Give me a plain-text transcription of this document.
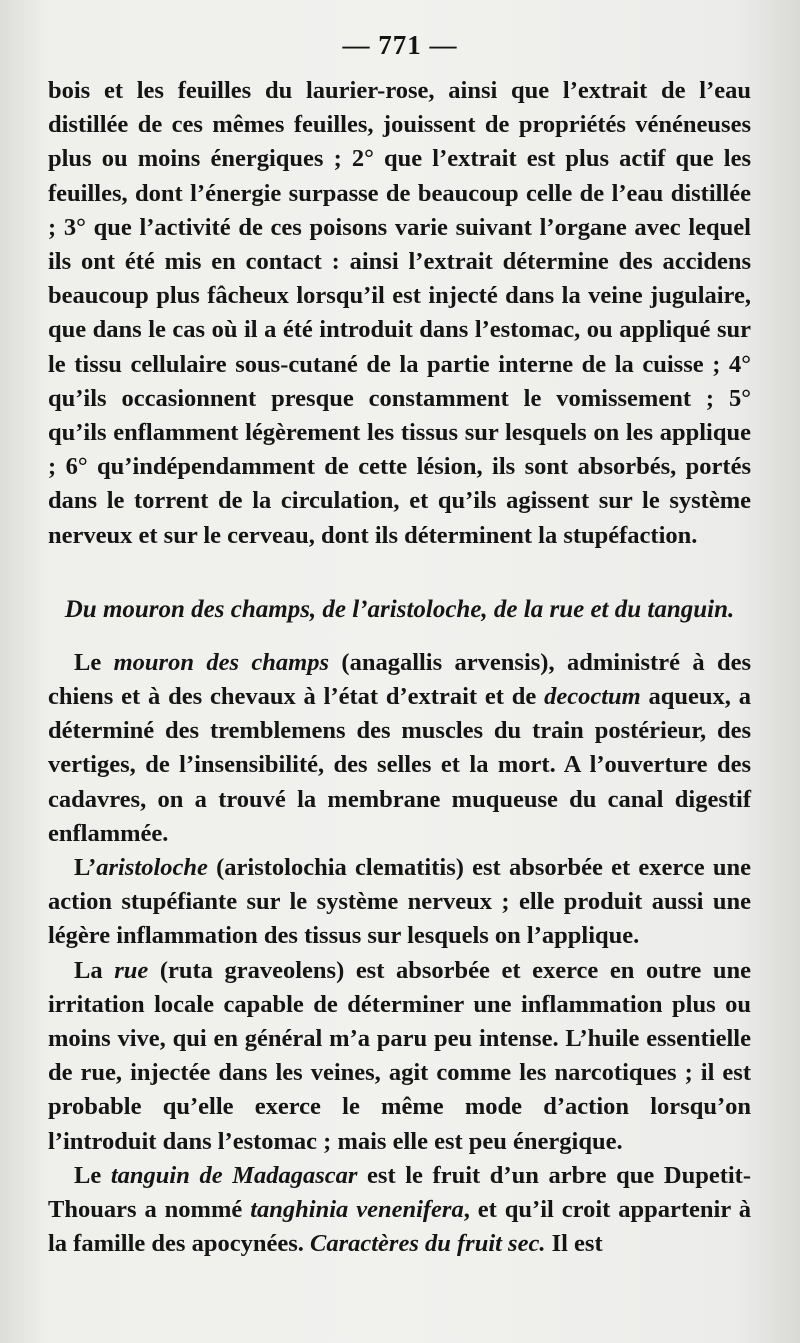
— 771 —

bois et les feuilles du laurier-rose, ainsi que l’extrait de l’eau distillée de ces mêmes feuilles, jouissent de propriétés vénéneuses plus ou moins énergiques ; 2° que l’extrait est plus actif que les feuilles, dont l’énergie surpasse de beaucoup celle de l’eau distillée ; 3° que l’activité de ces poisons varie suivant l’organe avec lequel ils ont été mis en contact : ainsi l’extrait détermine des accidens beaucoup plus fâcheux lorsqu’il est injecté dans la veine jugulaire, que dans le cas où il a été introduit dans l’estomac, ou appliqué sur le tissu cellulaire sous-cutané de la partie interne de la cuisse ; 4° qu’ils occasionnent presque constamment le vomissement ; 5° qu’ils enflamment légèrement les tissus sur lesquels on les applique ; 6° qu’indépendamment de cette lésion, ils sont absorbés, portés dans le torrent de la circulation, et qu’ils agissent sur le système nerveux et sur le cerveau, dont ils déterminent la stupéfaction.

Du mouron des champs, de l’aristoloche, de la rue et du tanguin.

Le mouron des champs (anagallis arvensis), administré à des chiens et à des chevaux à l’état d’extrait et de decoctum aqueux, a déterminé des tremblemens des muscles du train postérieur, des vertiges, de l’insensibilité, des selles et la mort. A l’ouverture des cadavres, on a trouvé la membrane muqueuse du canal digestif enflammée.

L’aristoloche (aristolochia clematitis) est absorbée et exerce une action stupéfiante sur le système nerveux ; elle produit aussi une légère inflammation des tissus sur lesquels on l’applique.

La rue (ruta graveolens) est absorbée et exerce en outre une irritation locale capable de déterminer une inflammation plus ou moins vive, qui en général m’a paru peu intense. L’huile essentielle de rue, injectée dans les veines, agit comme les narcotiques ; il est probable qu’elle exerce le même mode d’action lorsqu’on l’introduit dans l’estomac ; mais elle est peu énergique.

Le tanguin de Madagascar est le fruit d’un arbre que Dupetit-Thouars a nommé tanghinia venenifera, et qu’il croit appartenir à la famille des apocynées. Caractères du fruit sec. Il est
